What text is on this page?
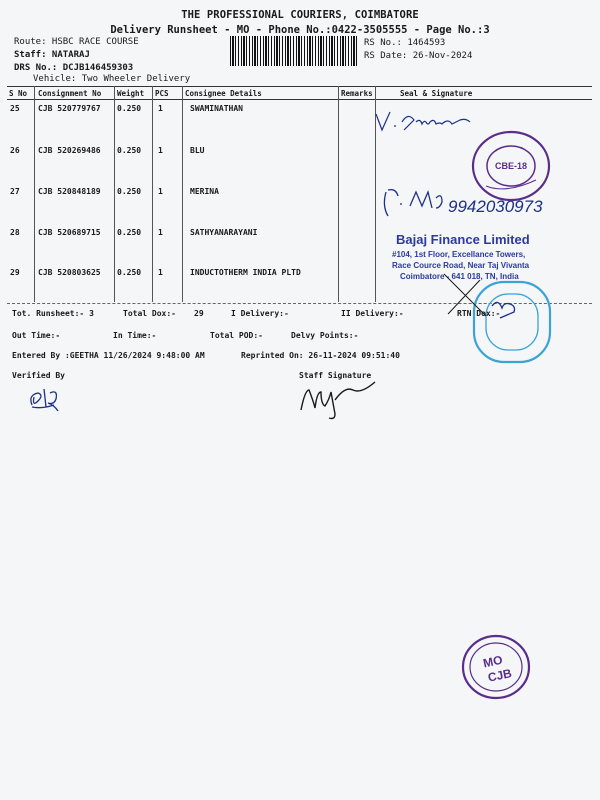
THE PROFESSIONAL COURIERS, COIMBATORE
Delivery Runsheet - MO - Phone No.:0422-3505555 - Page No.:3
Route: HSBC RACE COURSE
Staff: NATARAJ
DRS No.: DCJB146459303
Vehicle: Two Wheeler Delivery
RS No.: 1464593
RS Date: 26-Nov-2024
S No Consignment No Weight PCS Consignee Details	Remarks	Seal & Signature
25 CJB 520779767 0.250 1	SWAMINATHAN
26 CJB 520269486 0.250 1	BLU
27 CJB 520848189 0.250 1	MERINA
28 CJB 520689715 0.250 1	SATHYANARAYANI
29 CJB 520803625 0.250 1	INDUCTOTHERM INDIA PLTD
Tot. Runsheet:- 3	Total Dox:- 29	I Delivery:-	II Delivery:-	RTN Dox:-
Out Time:-	In Time:-	Total POD:-	Delvy Points:-
Entered By :GEETHA 11/26/2024 9:48:00 AM	Reprinted On: 26-11-2024 09:51:40
Verified By	Staff Signature
9942030973
CBE-18
Bajaj Finance Limited
#104, 1st Floor, Excellance Towers,
Race Cource Road, Near Taj Vivanta
Coimbatore - 641 018, TN, India
MO
CJB
